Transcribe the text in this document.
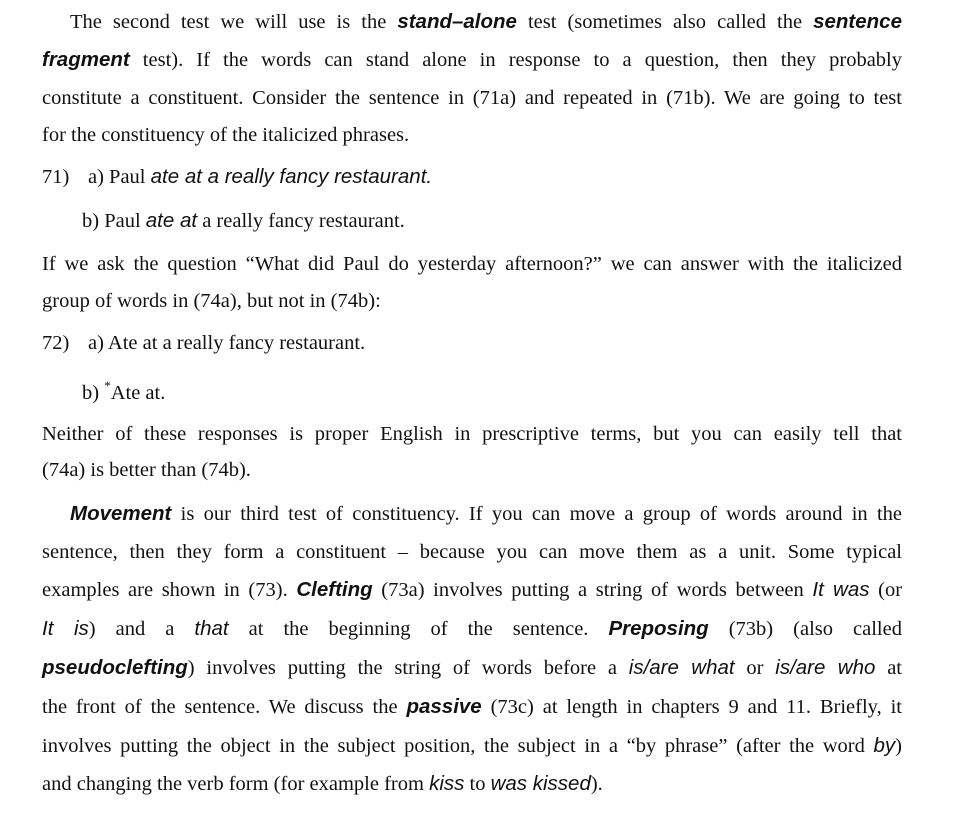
The second test we will use is the stand–alone test (sometimes also called the sentence
fragment test). If the words can stand alone in response to a question, then they probably
constitute a constituent. Consider the sentence in (71a) and repeated in (71b). We are going to test
for the constituency of the italicized phrases.
71) a) Paul ate at a really fancy restaurant.
b) Paul ate at a really fancy restaurant.
If we ask the question “What did Paul do yesterday afternoon?” we can answer with the italicized
group of words in (74a), but not in (74b):
72) a) Ate at a really fancy restaurant.
b) *Ate at.
Neither of these responses is proper English in prescriptive terms, but you can easily tell that
(74a) is better than (74b).
Movement is our third test of constituency. If you can move a group of words around in the
sentence, then they form a constituent – because you can move them as a unit. Some typical
examples are shown in (73). Clefting (73a) involves putting a string of words between It was (or
It is) and a that at the beginning of the sentence. Preposing (73b) (also called
pseudoclefting) involves putting the string of words before a is/are what or is/are who at
the front of the sentence. We discuss the passive (73c) at length in chapters 9 and 11. Briefly, it
involves putting the object in the subject position, the subject in a “by phrase” (after the word by)
and changing the verb form (for example from kiss to was kissed).
